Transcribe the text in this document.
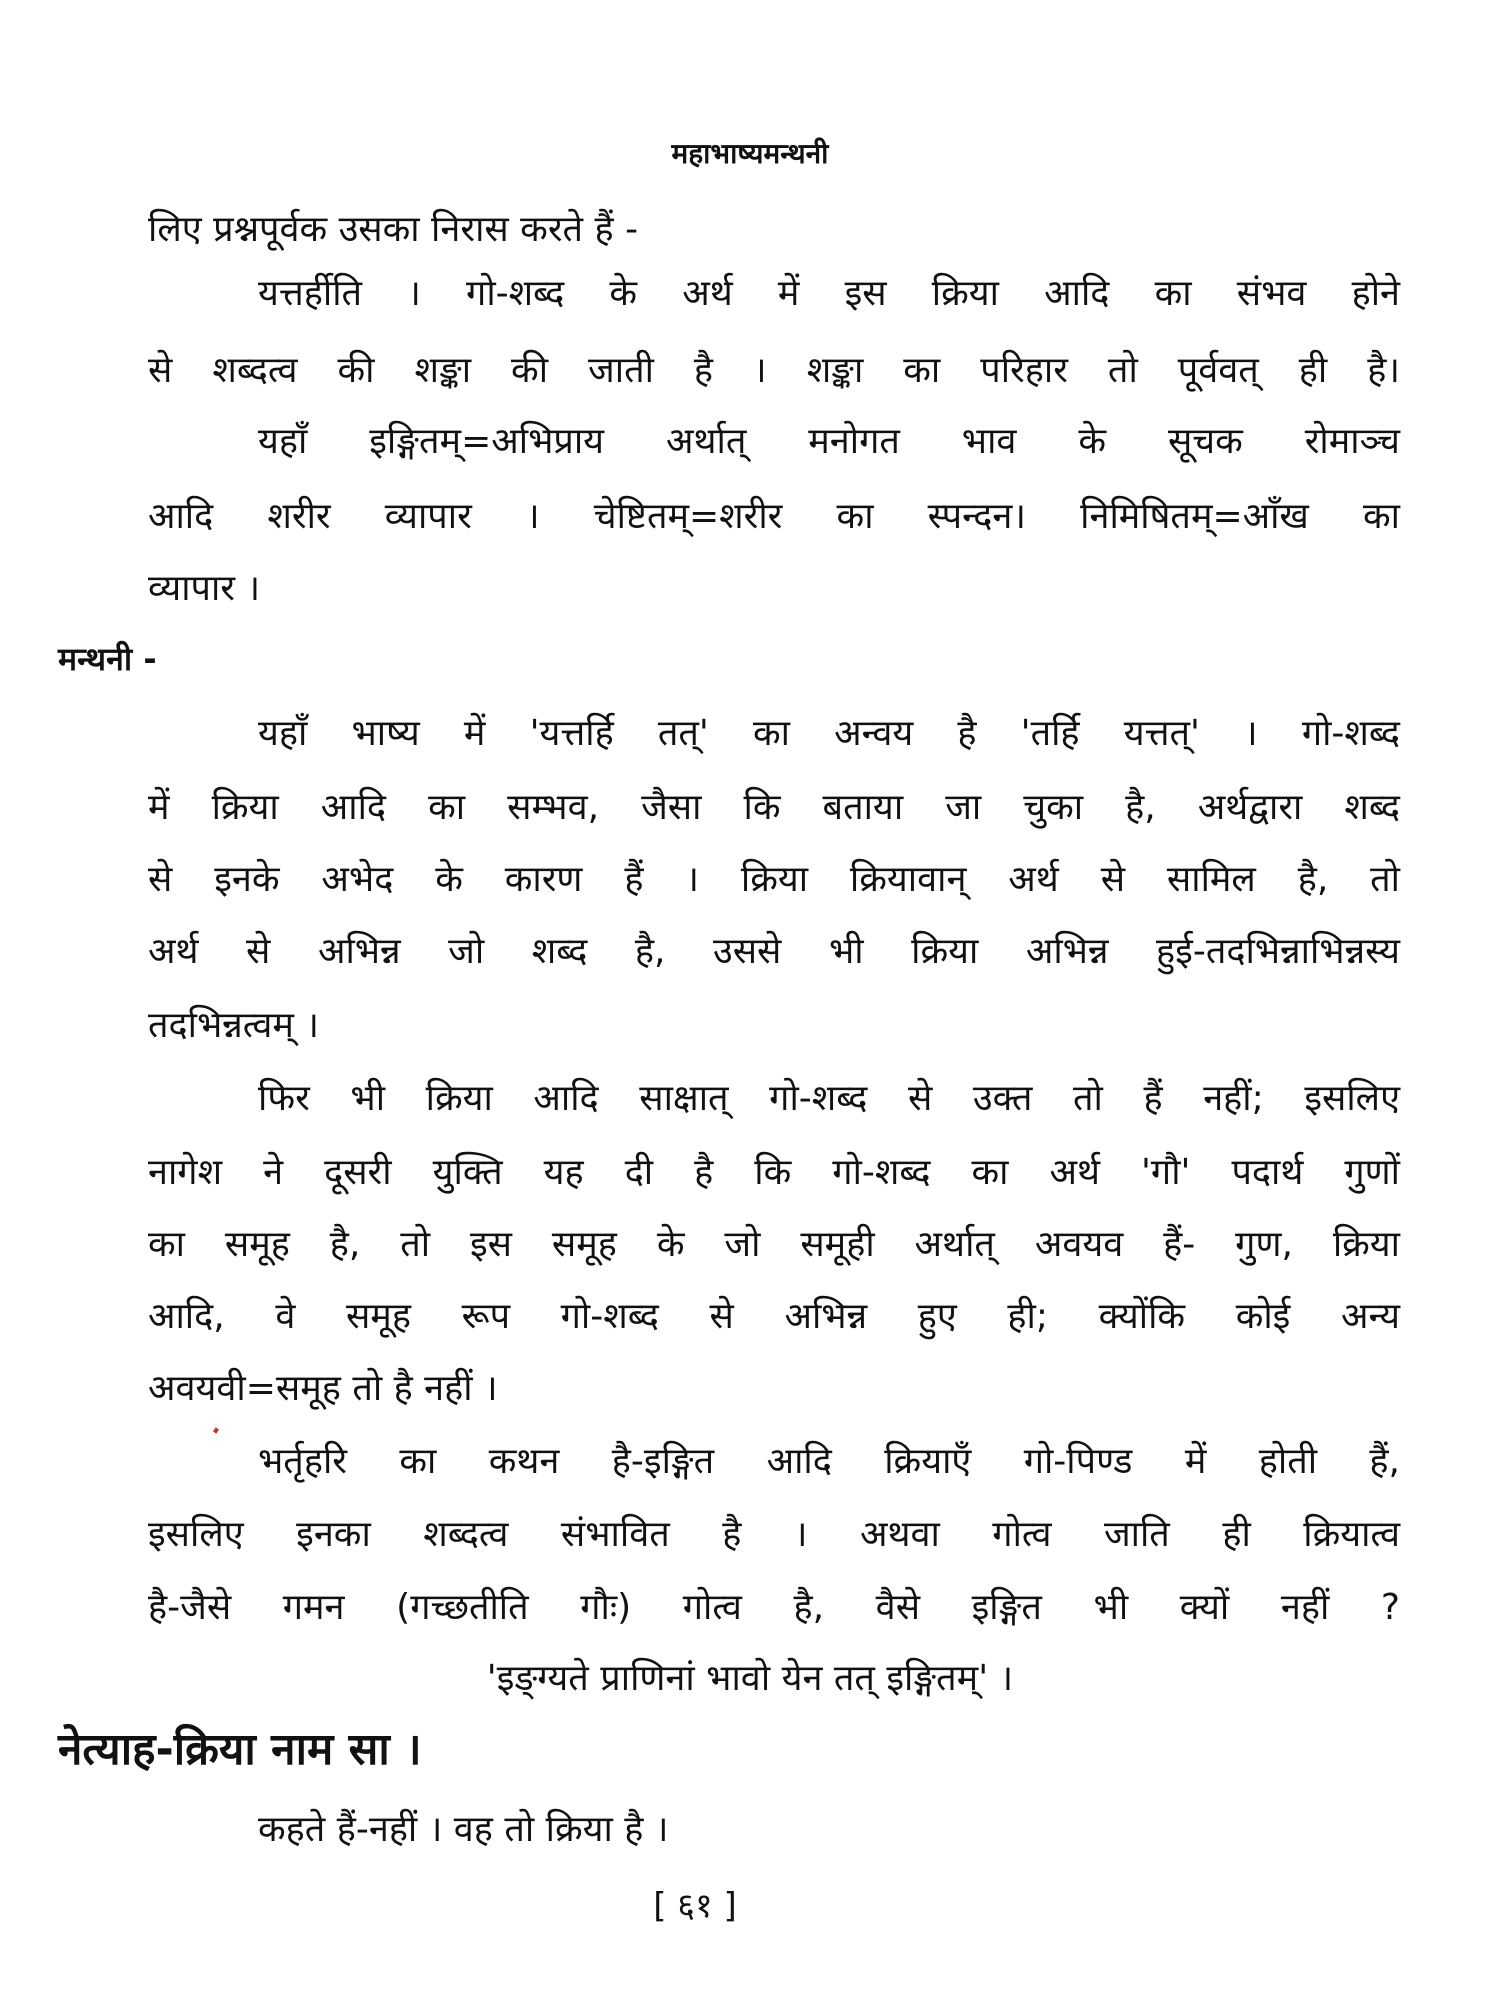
महाभाष्यमन्थनी
लिए प्रश्नपूर्वक उसका निरास करते हैं -
यत्तर्हीति । गो-शब्द के अर्थ में इस क्रिया आदि का संभव होने
से शब्दत्व की शङ्का की जाती है । शङ्का का परिहार तो पूर्ववत् ही है।
यहाँ इङ्गितम्=अभिप्राय अर्थात् मनोगत भाव के सूचक रोमाञ्च
आदि शरीर व्यापार । चेष्टितम्=शरीर का स्पन्दन। निमिषितम्=आँख का
व्यापार ।
मन्थनी -
यहाँ भाष्य में 'यत्तर्हि तत्' का अन्वय है 'तर्हि यत्तत्' । गो-शब्द
में क्रिया आदि का सम्भव, जैसा कि बताया जा चुका है, अर्थद्वारा शब्द
से इनके अभेद के कारण हैं । क्रिया क्रियावान् अर्थ से सामिल है, तो
अर्थ से अभिन्न जो शब्द है, उससे भी क्रिया अभिन्न हुई-तदभिन्नाभिन्नस्य
तदभिन्नत्वम् ।
फिर भी क्रिया आदि साक्षात् गो-शब्द से उक्त तो हैं नहीं; इसलिए
नागेश ने दूसरी युक्ति यह दी है कि गो-शब्द का अर्थ 'गौ' पदार्थ गुणों
का समूह है, तो इस समूह के जो समूही अर्थात् अवयव हैं- गुण, क्रिया
आदि, वे समूह रूप गो-शब्द से अभिन्न हुए ही; क्योंकि कोई अन्य
अवयवी=समूह तो है नहीं ।
भर्तृहरि का कथन है-इङ्गित आदि क्रियाएँ गो-पिण्ड में होती हैं,
इसलिए इनका शब्दत्व संभावित है । अथवा गोत्व जाति ही क्रियात्व
है-जैसे गमन (गच्छतीति गौः) गोत्व है, वैसे इङ्गित भी क्यों नहीं ?
'इङ्ग्यते प्राणिनां भावो येन तत् इङ्गितम्' ।
नेत्याह-क्रिया नाम सा ।
कहते हैं-नहीं । वह तो क्रिया है ।
[ ६१ ]
